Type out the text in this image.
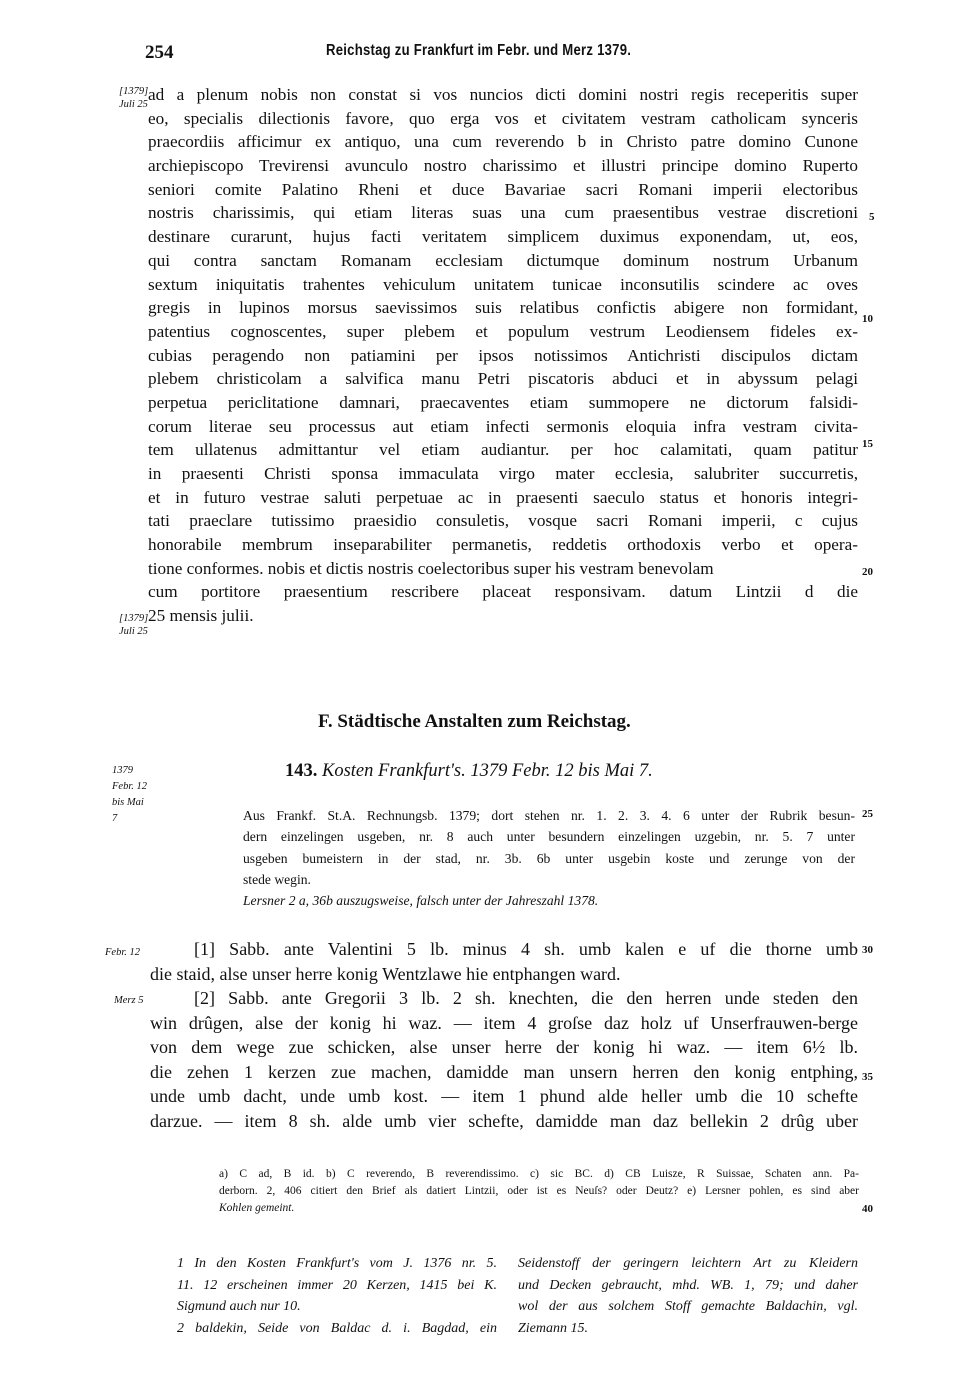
254	Reichstag zu Frankfurt im Febr. und Merz 1379.
[1379] Juli 25
[1379] Juli 25
1379 Febr. 12 bis Mai 7
Febr. 12
Merz 5
5
10
15
20
25
30
35
40
ad a plenum nobis non constat si vos nuncios dicti domini nostri regis receperitis super
eo, specialis dilectionis favore, quo erga vos et civitatem vestram catholicam synceris
praecordiis afficimur ex antiquo, una cum reverendo b in Christo patre domino Cunone
archiepiscopo Trevirensi avunculo nostro charissimo et illustri principe domino Ruperto
seniori comite Palatino Rheni et duce Bavariae sacri Romani imperii electoribus
nostris charissimis, qui etiam literas suas una cum praesentibus vestrae discretioni
destinare curarunt, hujus facti veritatem simplicem duximus exponendam, ut, eos,
qui contra sanctam Romanam ecclesiam dictumque dominum nostrum Urbanum
sextum iniquitatis trahentes vehiculum unitatem tunicae inconsutilis scindere ac oves
gregis in lupinos morsus saevissimos suis relatibus confictis abigere non formidant,
patentius cognoscentes, super plebem et populum vestrum Leodiensem fideles ex-
cubias peragendo non patiamini per ipsos notissimos Antichristi discipulos dictam
plebem christicolam a salvifica manu Petri piscatoris abduci et in abyssum pelagi
perpetua periclitatione damnari, praecaventes etiam summopere ne dictorum falsidi-
corum literae seu processus aut etiam infecti sermonis eloquia infra vestram civita-
tem ullatenus admittantur vel etiam audiantur. per hoc calamitati, quam patitur
in praesenti Christi sponsa immaculata virgo mater ecclesia, salubriter succurretis,
et in futuro vestrae saluti perpetuae ac in praesenti saeculo status et honoris integri-
tati praeclare tutissimo praesidio consuletis, vosque sacri Romani imperii, c cujus
honorabile membrum inseparabiliter permanetis, reddetis orthodoxis verbo et opera-
tione conformes. nobis et dictis nostris coelectoribus super his vestram benevolam
cum portitore praesentium rescribere placeat responsivam. datum Lintzii d die
25 mensis julii.
F. Städtische Anstalten zum Reichstag.
143. Kosten Frankfurt's. 1379 Febr. 12 bis Mai 7.
Aus Frankf. St.A. Rechnungsb. 1379; dort stehen nr. 1. 2. 3. 4. 6 unter der Rubrik besun-
dern einzelingen usgeben, nr. 8 auch unter besundern einzelingen uzgebin, nr. 5. 7 unter
usgeben bumeistern in der stad, nr. 3b. 6b unter usgebin koste und zerunge von der
stede wegin.
Lersner 2 a, 36b auszugsweise, falsch unter der Jahreszahl 1378.
[1] Sabb. ante Valentini 5 lb. minus 4 sh. umb kalen e uf die thorne umb
die staid, alse unser herre konig Wentzlawe hie entphangen ward.
[2] Sabb. ante Gregorii 3 lb. 2 sh. knechten, die den herren unde steden den
win drûgen, alse der konig hi waz. — item 4 groſse daz holz uf Unserfrauwen-berge
von dem wege zue schicken, alse unser herre der konig hi waz. — item 6½ lb.
die zehen 1 kerzen zue machen, damidde man unsern herren den konig entphing,
unde umb dacht, unde umb kost. — item 1 phund alde heller umb die 10 schefte
darzue. — item 8 sh. alde umb vier schefte, damidde man daz bellekin 2 drûg uber
a) C ad, B id. b) C reverendo, B reverendissimo. c) sic BC. d) CB Luisze, R Suissae, Schaten ann. Pa-
derborn. 2, 406 citiert den Brief als datiert Lintzii, oder ist es Neuſs? oder Deutz? e) Lersner pohlen, es sind aber
Kohlen gemeint.
1 In den Kosten Frankfurt's vom J. 1376 nr. 5.
11. 12 erscheinen immer 20 Kerzen, 1415 bei K.
Sigmund auch nur 10.
2 baldekin, Seide von Baldac d. i. Bagdad, ein
Seidenstoff der geringern leichtern Art zu Kleidern
und Decken gebraucht, mhd. WB. 1, 79; und daher
wol der aus solchem Stoff gemachte Baldachin, vgl.
Ziemann 15.
